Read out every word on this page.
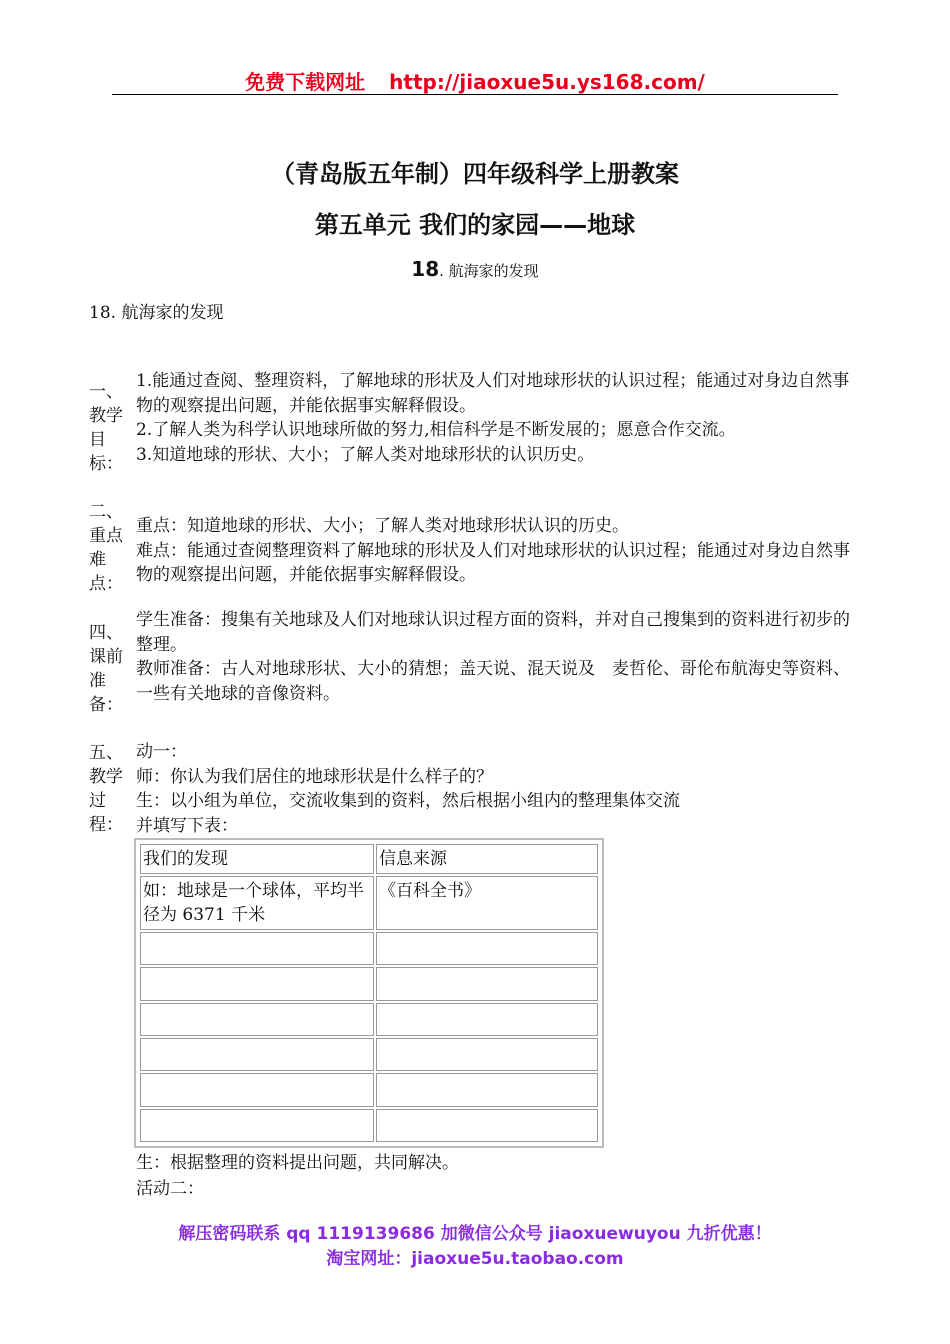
免费下载网址 http://jiaoxue5u.ys168.com/
（青岛版五年制）四年级科学上册教案
第五单元 我们的家园——地球
18. 航海家的发现
18. 航海家的发现
一、教学目标：

1.能通过查阅、整理资料，了解地球的形状及人们对地球形状的认识过程；能通过对身边自然事物的观察提出问题，并能依据事实解释假设。

2.了解人类为科学认识地球所做的努力,相信科学是不断发展的；愿意合作交流。

3.知道地球的形状、大小；了解人类对地球形状的认识历史。

二、重点难点：

重点：知道地球的形状、大小；了解人类对地球形状认识的历史。

难点：能通过查阅整理资料了解地球的形状及人们对地球形状的认识过程；能通过对身边自然事物的观察提出问题，并能依据事实解释假设。

四、课前准备：

学生准备：搜集有关地球及人们对地球认识过程方面的资料，并对自己搜集到的资料进行初步的整理。

教师准备：古人对地球形状、大小的猜想；盖天说、混天说及　麦哲伦、哥伦布航海史等资料、一些有关地球的音像资料。

五、教学过程：

动一：

师：你认为我们居住的地球形状是什么样子的？

生：以小组为单位，交流收集到的资料，然后根据小组内的整理集体交流

并填写下表：

我们的发现	信息来源
如：地球是一个球体，平均半径为 6371 千米	《百科全书》

生：根据整理的资料提出问题，共同解决。

活动二：

解压密码联系 qq 1119139686 加微信公众号 jiaoxuewuyou 九折优惠！
淘宝网址：jiaoxue5u.taobao.com
